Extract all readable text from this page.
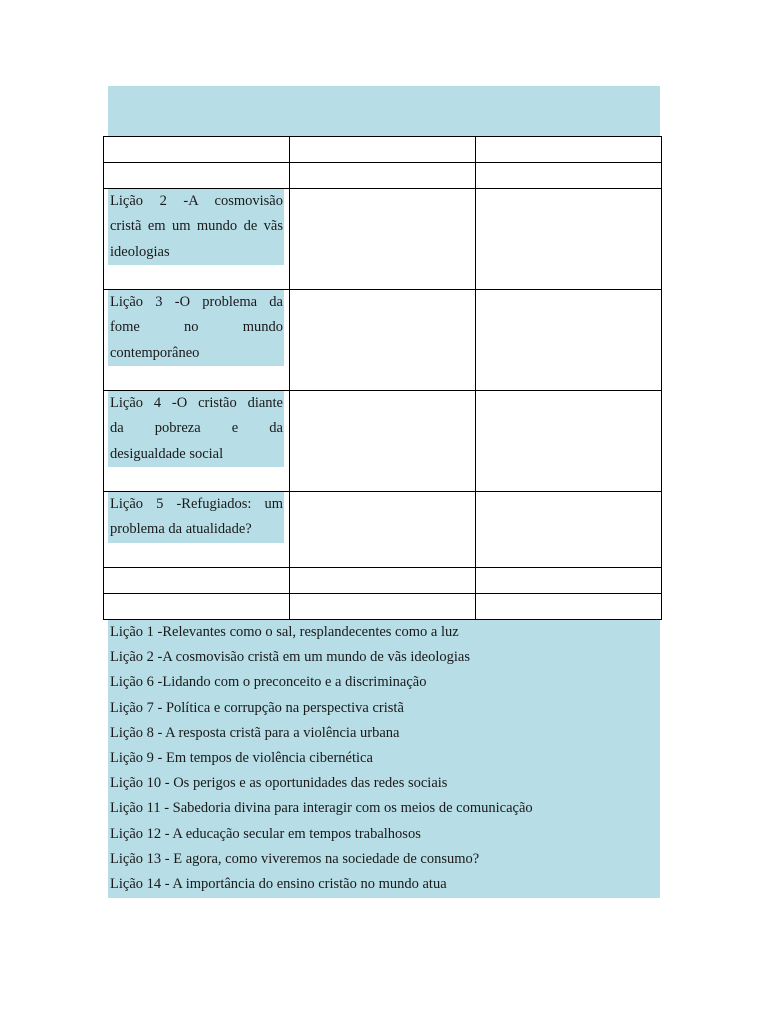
Lição 2 -A cosmovisão
cristã em um mundo de vãs
ideologias		

Lição 3 -O problema da
fome no mundo
contemporâneo		

Lição 4 -O cristão diante
da pobreza e da
desigualdade social		

Lição 5 -Refugiados: um
problema da atualidade?		

Lição 1 -Relevantes como o sal, resplandecentes como a luz
Lição 2 -A cosmovisão cristã em um mundo de vãs ideologias
Lição 6 -Lidando com o preconceito e a discriminação
Lição 7 - Política e corrupção na perspectiva cristã
Lição 8 - A resposta cristã para a violência urbana
Lição 9 - Em tempos de violência cibernética
Lição 10 - Os perigos e as oportunidades das redes sociais
Lição 11 - Sabedoria divina para interagir com os meios de comunicação
Lição 12 - A educação secular em tempos trabalhosos
Lição 13 - E agora, como viveremos na sociedade de consumo?
Lição 14 - A importância do ensino cristão no mundo atua
